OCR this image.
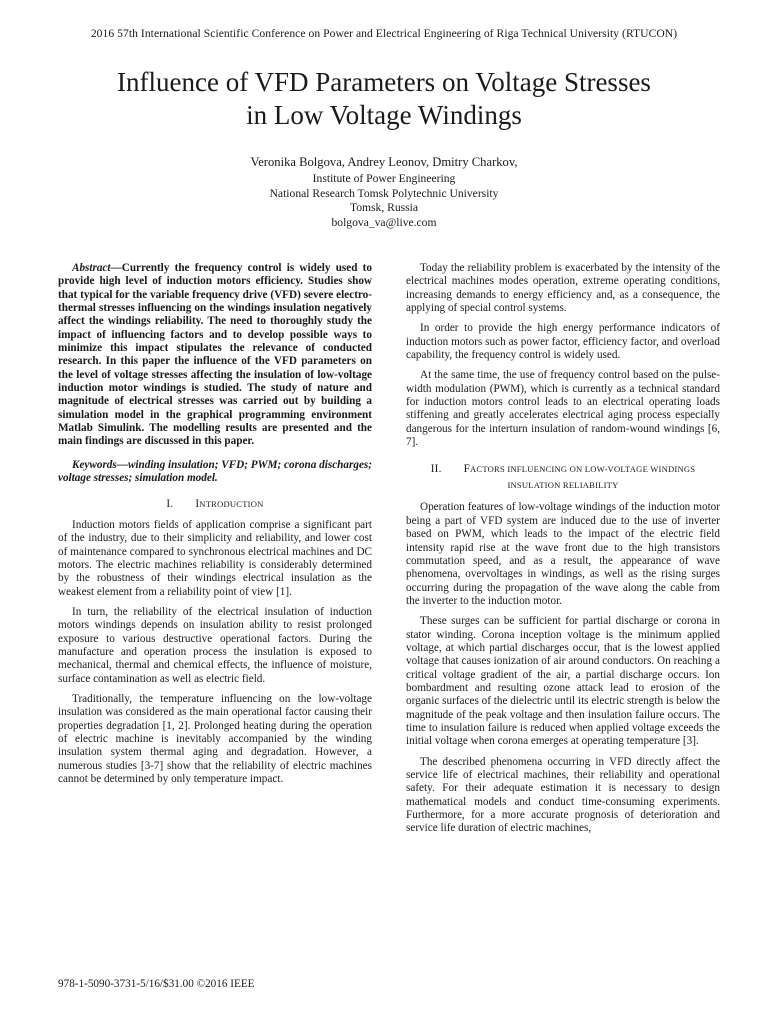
2016 57th International Scientific Conference on Power and Electrical Engineering of Riga Technical University (RTUCON)
Influence of VFD Parameters on Voltage Stresses
in Low Voltage Windings
Veronika Bolgova, Andrey Leonov, Dmitry Charkov,
Institute of Power Engineering
National Research Tomsk Polytechnic University
Tomsk, Russia
bolgova_va@live.com

Abstract—Currently the frequency control is widely used to provide high level of induction motors efficiency. Studies show that typical for the variable frequency drive (VFD) severe electro-thermal stresses influencing on the windings insulation negatively affect the windings reliability. The need to thoroughly study the impact of influencing factors and to develop possible ways to minimize this impact stipulates the relevance of conducted research. In this paper the influence of the VFD parameters on the level of voltage stresses affecting the insulation of low-voltage induction motor windings is studied. The study of nature and magnitude of electrical stresses was carried out by building a simulation model in the graphical programming environment Matlab Simulink. The modelling results are presented and the main findings are discussed in this paper.

Keywords—winding insulation; VFD; PWM; corona discharges; voltage stresses; simulation model.

I. INTRODUCTION

Induction motors fields of application comprise a significant part of the industry, due to their simplicity and reliability, and lower cost of maintenance compared to synchronous electrical machines and DC motors. The electric machines reliability is considerably determined by the robustness of their windings electrical insulation as the weakest element from a reliability point of view [1].

In turn, the reliability of the electrical insulation of induction motors windings depends on insulation ability to resist prolonged exposure to various destructive operational factors. During the manufacture and operation process the insulation is exposed to mechanical, thermal and chemical effects, the influence of moisture, surface contamination as well as electric field.

Traditionally, the temperature influencing on the low-voltage insulation was considered as the main operational factor causing their properties degradation [1, 2]. Prolonged heating during the operation of electric machine is inevitably accompanied by the winding insulation system thermal aging and degradation. However, a numerous studies [3-7] show that the reliability of electric machines cannot be determined by only temperature impact.

Today the reliability problem is exacerbated by the intensity of the electrical machines modes operation, extreme operating conditions, increasing demands to energy efficiency and, as a consequence, the applying of special control systems.

In order to provide the high energy performance indicators of induction motors such as power factor, efficiency factor, and overload capability, the frequency control is widely used.

At the same time, the use of frequency control based on the pulse-width modulation (PWM), which is currently as a technical standard for induction motors control leads to an electrical operating loads stiffening and greatly accelerates electrical aging process especially dangerous for the interturn insulation of random-wound windings [6, 7].

II. FACTORS INFLUENCING ON LOW-VOLTAGE WINDINGS
INSULATION RELIABILITY

Operation features of low-voltage windings of the induction motor being a part of VFD system are induced due to the use of inverter based on PWM, which leads to the impact of the electric field intensity rapid rise at the wave front due to the high transistors commutation speed, and as a result, the appearance of wave phenomena, overvoltages in windings, as well as the rising surges occurring during the propagation of the wave along the cable from the inverter to the induction motor.

These surges can be sufficient for partial discharge or corona in stator winding. Corona inception voltage is the minimum applied voltage, at which partial discharges occur, that is the lowest applied voltage that causes ionization of air around conductors. On reaching a critical voltage gradient of the air, a partial discharge occurs. Ion bombardment and resulting ozone attack lead to erosion of the organic surfaces of the dielectric until its electric strength is below the magnitude of the peak voltage and then insulation failure occurs. The time to insulation failure is reduced when applied voltage exceeds the initial voltage when corona emerges at operating temperature [3].

The described phenomena occurring in VFD directly affect the service life of electrical machines, their reliability and operational safety. For their adequate estimation it is necessary to design mathematical models and conduct time-consuming experiments. Furthermore, for a more accurate prognosis of deterioration and service life duration of electric machines,

978-1-5090-3731-5/16/$31.00 ©2016 IEEE
